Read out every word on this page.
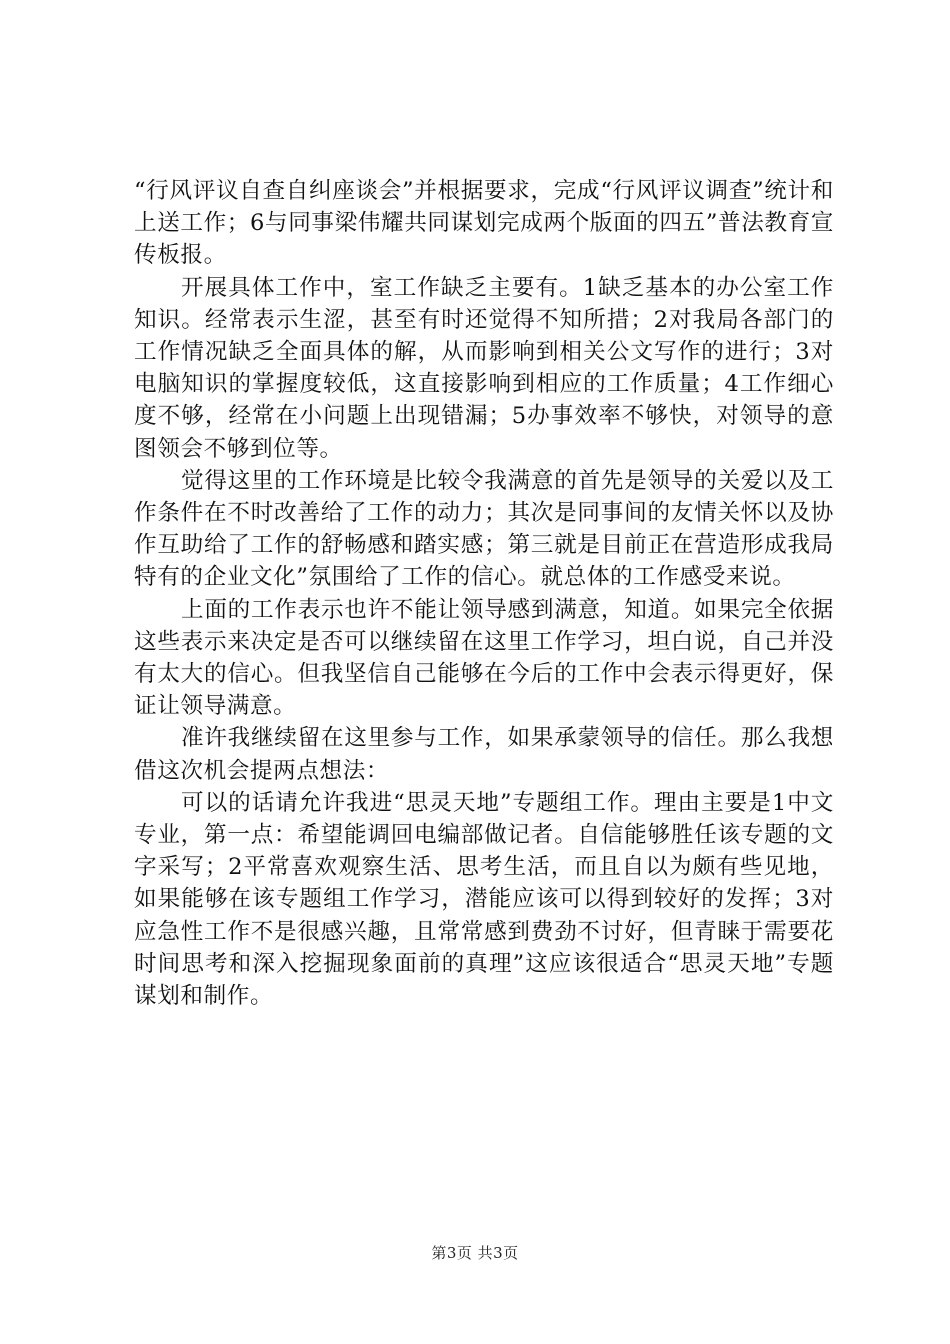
“行风评议自查自纠座谈会”并根据要求，完成“行风评议调查”统计和上送工作；6与同事梁伟耀共同谋划完成两个版面的四五”普法教育宣传板报。

开展具体工作中，室工作缺乏主要有。1缺乏基本的办公室工作知识。经常表示生涩，甚至有时还觉得不知所措；2对我局各部门的工作情况缺乏全面具体的解，从而影响到相关公文写作的进行；3对电脑知识的掌握度较低，这直接影响到相应的工作质量；4工作细心度不够，经常在小问题上出现错漏；5办事效率不够快，对领导的意图领会不够到位等。

觉得这里的工作环境是比较令我满意的首先是领导的关爱以及工作条件在不时改善给了工作的动力；其次是同事间的友情关怀以及协作互助给了工作的舒畅感和踏实感；第三就是目前正在营造形成我局特有的企业文化”氛围给了工作的信心。就总体的工作感受来说。

上面的工作表示也许不能让领导感到满意，知道。如果完全依据这些表示来决定是否可以继续留在这里工作学习，坦白说，自己并没有太大的信心。但我坚信自己能够在今后的工作中会表示得更好，保证让领导满意。

准许我继续留在这里参与工作，如果承蒙领导的信任。那么我想借这次机会提两点想法：

可以的话请允许我进“思灵天地”专题组工作。理由主要是1中文专业，第一点：希望能调回电编部做记者。自信能够胜任该专题的文字采写；2平常喜欢观察生活、思考生活，而且自以为颇有些见地，如果能够在该专题组工作学习，潜能应该可以得到较好的发挥；3对应急性工作不是很感兴趣，且常常感到费劲不讨好，但青睐于需要花时间思考和深入挖掘现象面前的真理”这应该很适合“思灵天地”专题谋划和制作。

第3页 共3页
